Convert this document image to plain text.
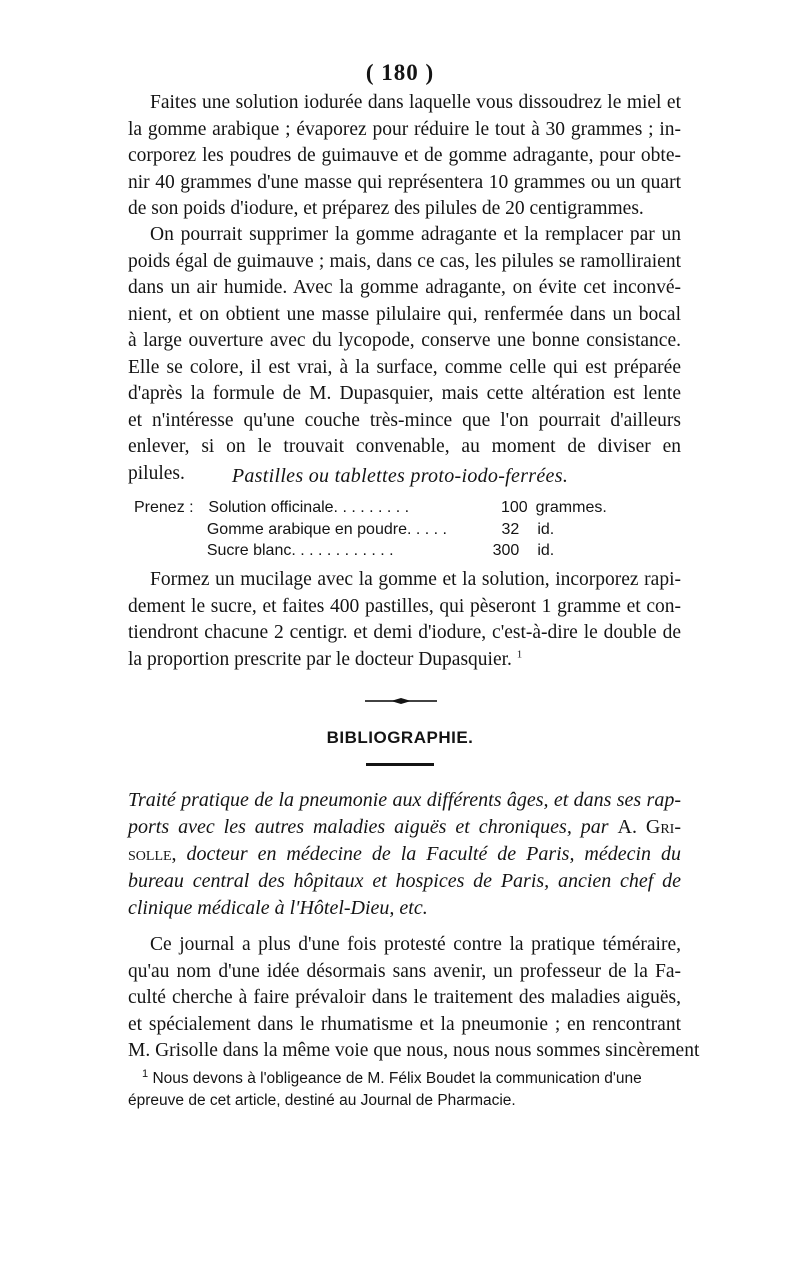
( 180 )
Faites une solution iodurée dans laquelle vous dissoudrez le miel et
la gomme arabique ; évaporez pour réduire le tout à 30 grammes ; in-
corporez les poudres de guimauve et de gomme adragante, pour obte-
nir 40 grammes d'une masse qui représentera 10 grammes ou un quart
de son poids d'iodure, et préparez des pilules de 20 centigrammes.
On pourrait supprimer la gomme adragante et la remplacer par un
poids égal de guimauve ; mais, dans ce cas, les pilules se ramolliraient
dans un air humide. Avec la gomme adragante, on évite cet inconvé-
nient, et on obtient une masse pilulaire qui, renfermée dans un bocal
à large ouverture avec du lycopode, conserve une bonne consistance.
Elle se colore, il est vrai, à la surface, comme celle qui est préparée
d'après la formule de M. Dupasquier, mais cette altération est lente
et n'intéresse qu'une couche très-mince que l'on pourrait d'ailleurs
enlever, si on le trouvait convenable, au moment de diviser en
pilules.	Pastilles ou tablettes proto-iodo-ferrées.
Prenez : Solution officinale. . . . . . . . .	100 grammes.
Gomme arabique en poudre. . . . .	32	id.
Sucre blanc. . . . . . . . . . . .	300	id.
Formez un mucilage avec la gomme et la solution, incorporez rapi-
dement le sucre, et faites 400 pastilles, qui pèseront 1 gramme et con-
tiendront chacune 2 centigr. et demi d'iodure, c'est-à-dire le double de
la proportion prescrite par le docteur Dupasquier. $^1$
BIBLIOGRAPHIE.
Traité pratique de la pneumonie aux différents âges, et dans ses rap-
ports avec les autres maladies aiguës et chroniques, par A. Gri-
solle, docteur en médecine de la Faculté de Paris, médecin du
bureau central des hôpitaux et hospices de Paris, ancien chef de
clinique médicale à l'Hôtel-Dieu, etc.
Ce journal a plus d'une fois protesté contre la pratique téméraire,
qu'au nom d'une idée désormais sans avenir, un professeur de la Fa-
culté cherche à faire prévaloir dans le traitement des maladies aiguës,
et spécialement dans le rhumatisme et la pneumonie ; en rencontrant
M. Grisolle dans la même voie que nous, nous nous sommes sincèrement
$^1$ Nous devons à l'obligeance de M. Félix Boudet la communication d'une
épreuve de cet article, destiné au Journal de Pharmacie.
